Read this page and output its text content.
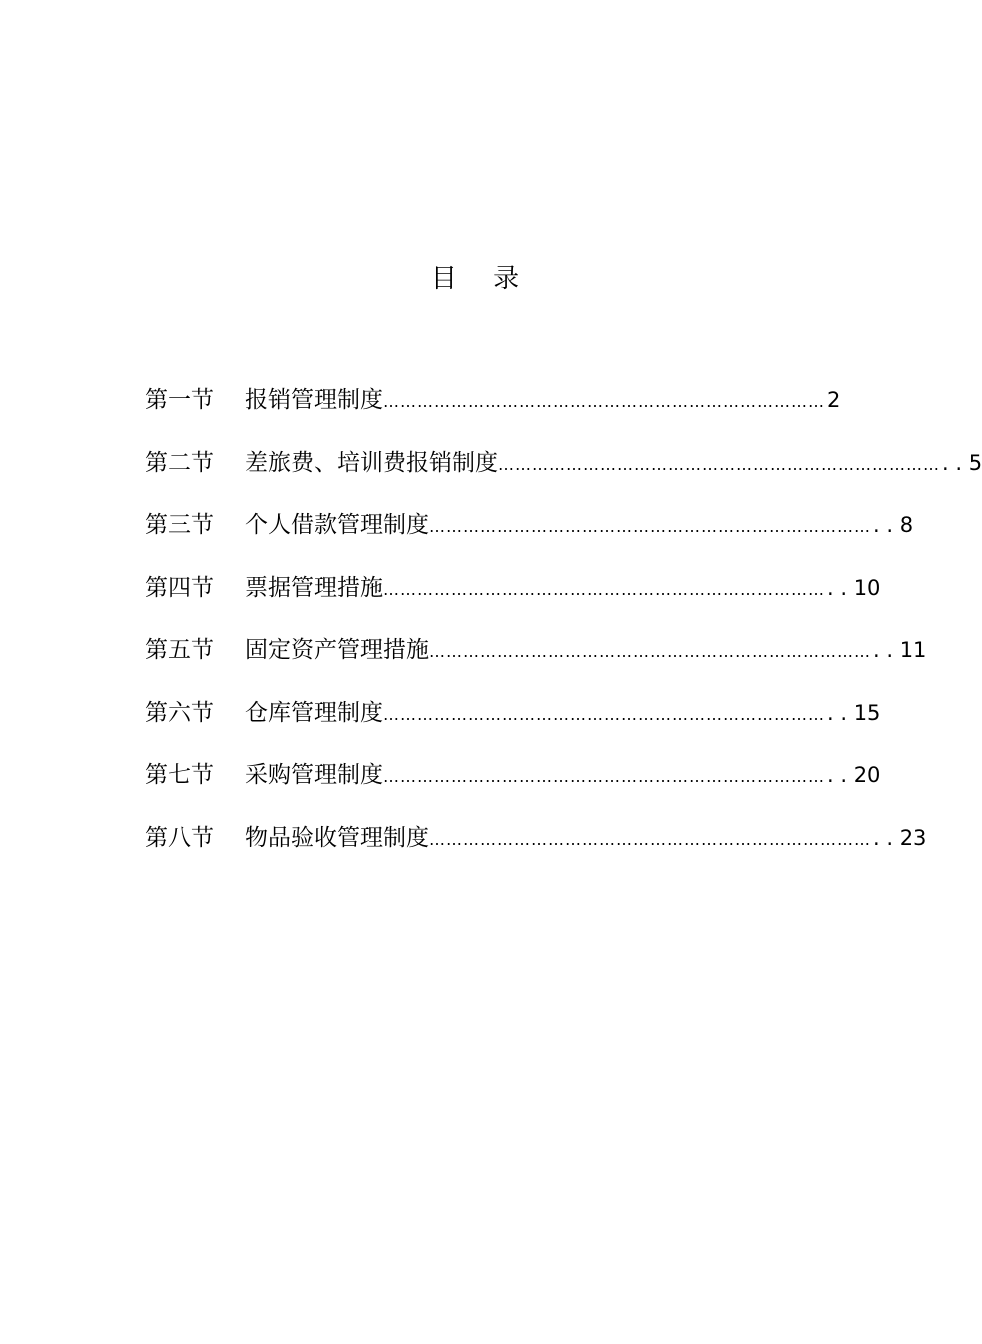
目 录
第一节	报销管理制度 …………………………………………………………………… 2
第二节	差旅费、培训费报销制度 …………………………………………………………………… . . 5
第三节	个人借款管理制度 …………………………………………………………………… . . 8
第四节	票据管理措施 …………………………………………………………………… . . 10
第五节	固定资产管理措施 …………………………………………………………………… . . 11
第六节	仓库管理制度 …………………………………………………………………… . . 15
第七节	采购管理制度 …………………………………………………………………… . . 20
第八节	物品验收管理制度 …………………………………………………………………… . . 23
